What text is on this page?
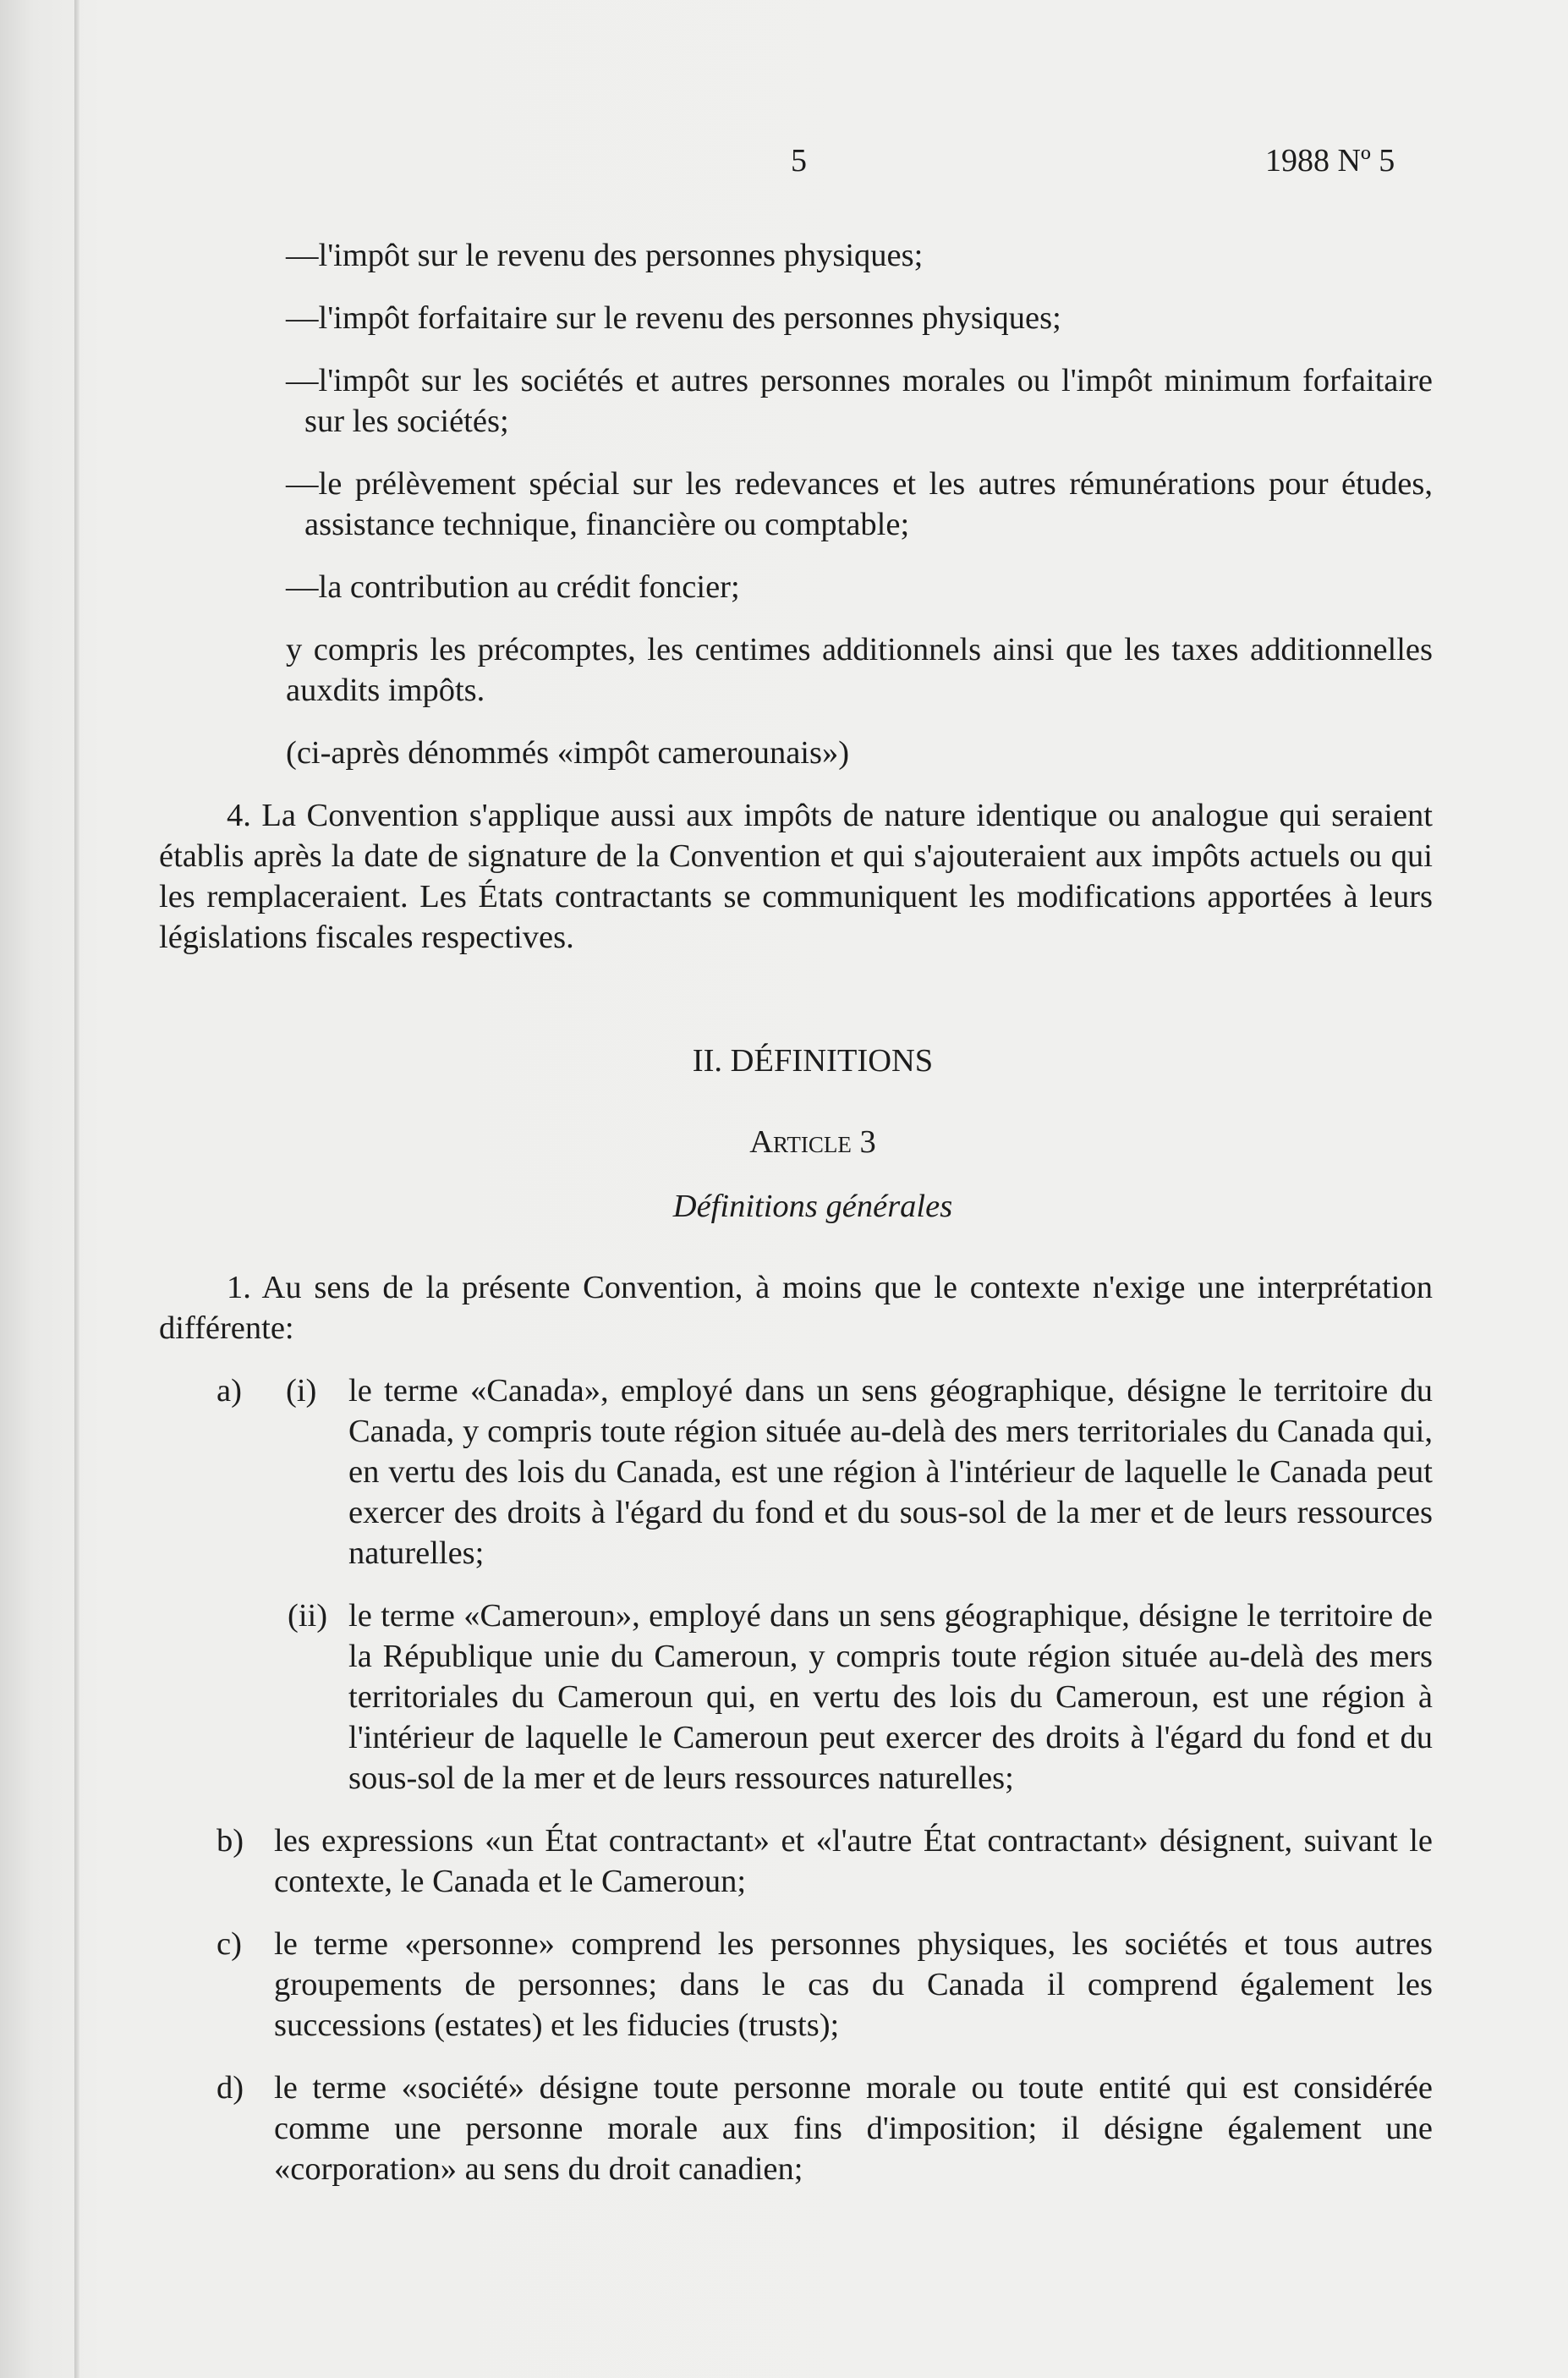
5	1988 Nº 5
—l'impôt sur le revenu des personnes physiques;
—l'impôt forfaitaire sur le revenu des personnes physiques;
—l'impôt sur les sociétés et autres personnes morales ou l'impôt minimum forfaitaire sur les sociétés;
—le prélèvement spécial sur les redevances et les autres rémunérations pour études, assistance technique, financière ou comptable;
—la contribution au crédit foncier;
y compris les précomptes, les centimes additionnels ainsi que les taxes additionnelles auxdits impôts.
(ci-après dénommés «impôt camerounais»)
4. La Convention s'applique aussi aux impôts de nature identique ou analogue qui seraient établis après la date de signature de la Convention et qui s'ajouteraient aux impôts actuels ou qui les remplaceraient. Les États contractants se communiquent les modifications apportées à leurs législations fiscales respectives.
II. DÉFINITIONS
Article 3
Définitions générales
1. Au sens de la présente Convention, à moins que le contexte n'exige une interprétation différente:
a) (i) le terme «Canada», employé dans un sens géographique, désigne le territoire du Canada, y compris toute région située au-delà des mers territoriales du Canada qui, en vertu des lois du Canada, est une région à l'intérieur de laquelle le Canada peut exercer des droits à l'égard du fond et du sous-sol de la mer et de leurs ressources naturelles;
(ii) le terme «Cameroun», employé dans un sens géographique, désigne le territoire de la République unie du Cameroun, y compris toute région située au-delà des mers territoriales du Cameroun qui, en vertu des lois du Cameroun, est une région à l'intérieur de laquelle le Cameroun peut exercer des droits à l'égard du fond et du sous-sol de la mer et de leurs ressources naturelles;
b) les expressions «un État contractant» et «l'autre État contractant» désignent, suivant le contexte, le Canada et le Cameroun;
c) le terme «personne» comprend les personnes physiques, les sociétés et tous autres groupements de personnes; dans le cas du Canada il comprend également les successions (estates) et les fiducies (trusts);
d) le terme «société» désigne toute personne morale ou toute entité qui est considérée comme une personne morale aux fins d'imposition; il désigne également une «corporation» au sens du droit canadien;
